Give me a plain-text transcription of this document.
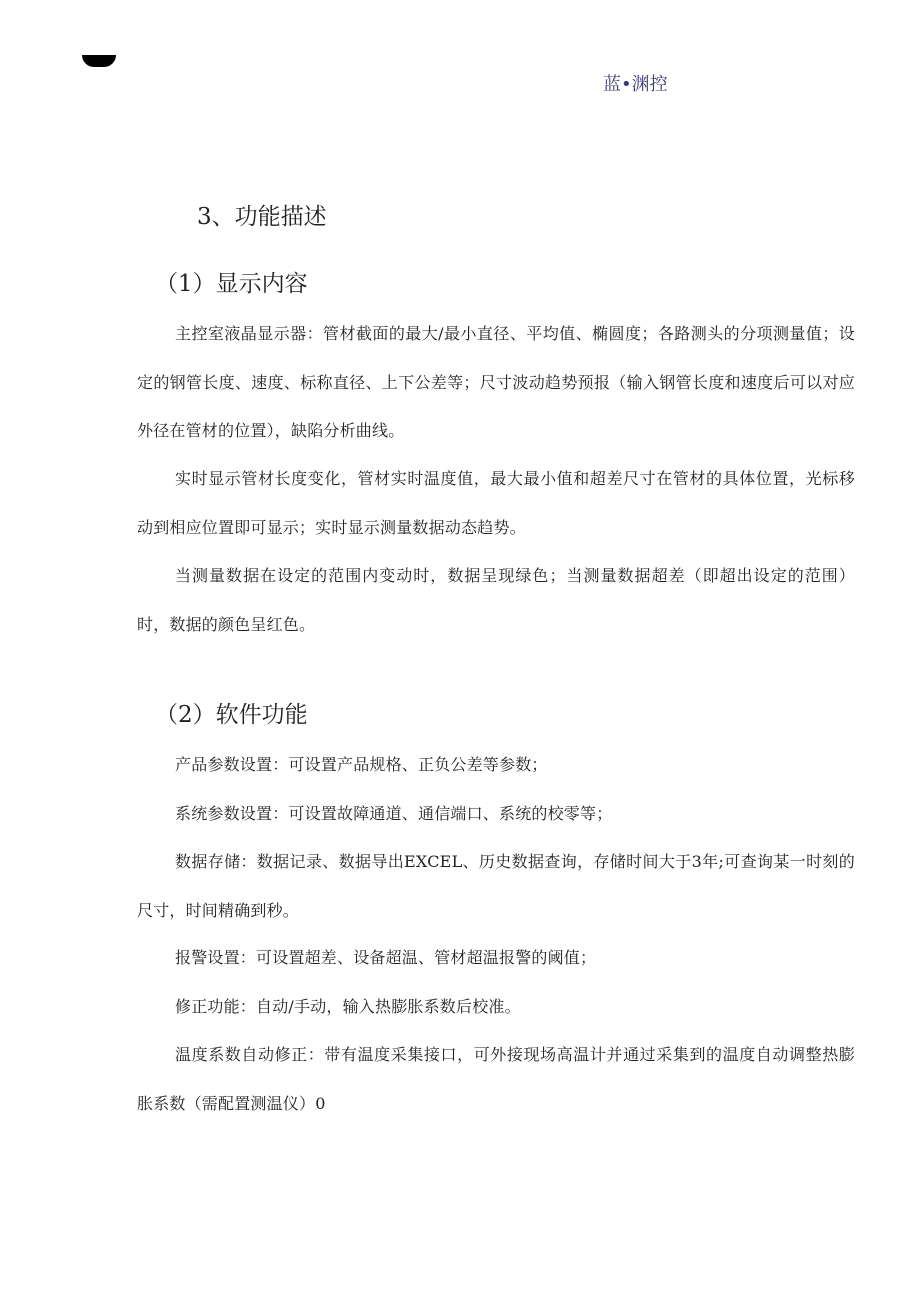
蓝•渊控
3、功能描述
（1）显示内容

主控室液晶显示器：管材截面的最大/最小直径、平均值、椭圆度；各路测头的分项测量值；设定的钢管长度、速度、标称直径、上下公差等；尺寸波动趋势预报（输入钢管长度和速度后可以对应外径在管材的位置），缺陷分析曲线。

实时显示管材长度变化，管材实时温度值，最大最小值和超差尺寸在管材的具体位置，光标移动到相应位置即可显示；实时显示测量数据动态趋势。

当测量数据在设定的范围内变动时，数据呈现绿色；当测量数据超差（即超出设定的范围）时，数据的颜色呈红色。

（2）软件功能

产品参数设置：可设置产品规格、正负公差等参数；

系统参数设置：可设置故障通道、通信端口、系统的校零等；

数据存储：数据记录、数据导出EXCEL、历史数据查询，存储时间大于3年;可查询某一时刻的尺寸，时间精确到秒。

报警设置：可设置超差、设备超温、管材超温报警的阈值；

修正功能：自动/手动，输入热膨胀系数后校准。

温度系数自动修正：带有温度采集接口，可外接现场高温计并通过采集到的温度自动调整热膨胀系数（需配置测温仪）0
